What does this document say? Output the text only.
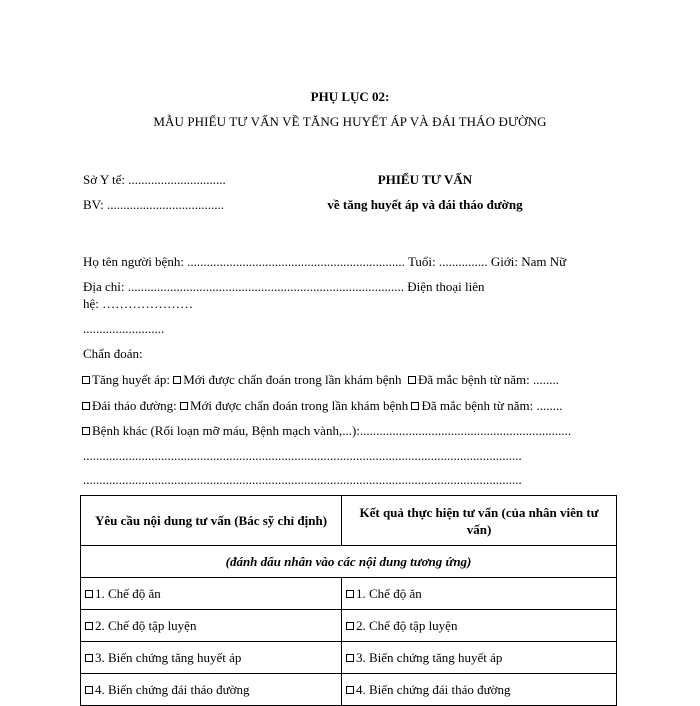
PHỤ LỤC 02:
MẪU PHIẾU TƯ VẤN VỀ TĂNG HUYẾT ÁP VÀ ĐÁI THÁO ĐƯỜNG
Sở Y tế: ..............................
BV: ....................................
PHIẾU TƯ VẤN
về tăng huyết áp và đái tháo đường
Họ tên người bệnh: ................................................................... Tuổi: ............... Giới: Nam Nữ
Địa chỉ: ..................................................................................... Điện thoại liên
hệ: …………………
.........................
Chẩn đoán:
Tăng huyết áp: Mới được chẩn đoán trong lần khám bệnh Đã mắc bệnh từ năm: ........
Đái tháo đường: Mới được chẩn đoán trong lần khám bệnh Đã mắc bệnh từ năm: ........
Bệnh khác (Rối loạn mỡ máu, Bệnh mạch vành,...):.................................................................
.......................................................................................................................................
.......................................................................................................................................
Yêu cầu nội dung tư vấn (Bác sỹ chỉ định)	Kết quả thực hiện tư vấn (của nhân viên tư vấn)
(đánh dấu nhân vào các nội dung tương ứng)	
1. Chế độ ăn	1. Chế độ ăn
2. Chế độ tập luyện	2. Chế độ tập luyện
3. Biến chứng tăng huyết áp	3. Biến chứng tăng huyết áp
4. Biến chứng đái tháo đường	4. Biến chứng đái tháo đường
